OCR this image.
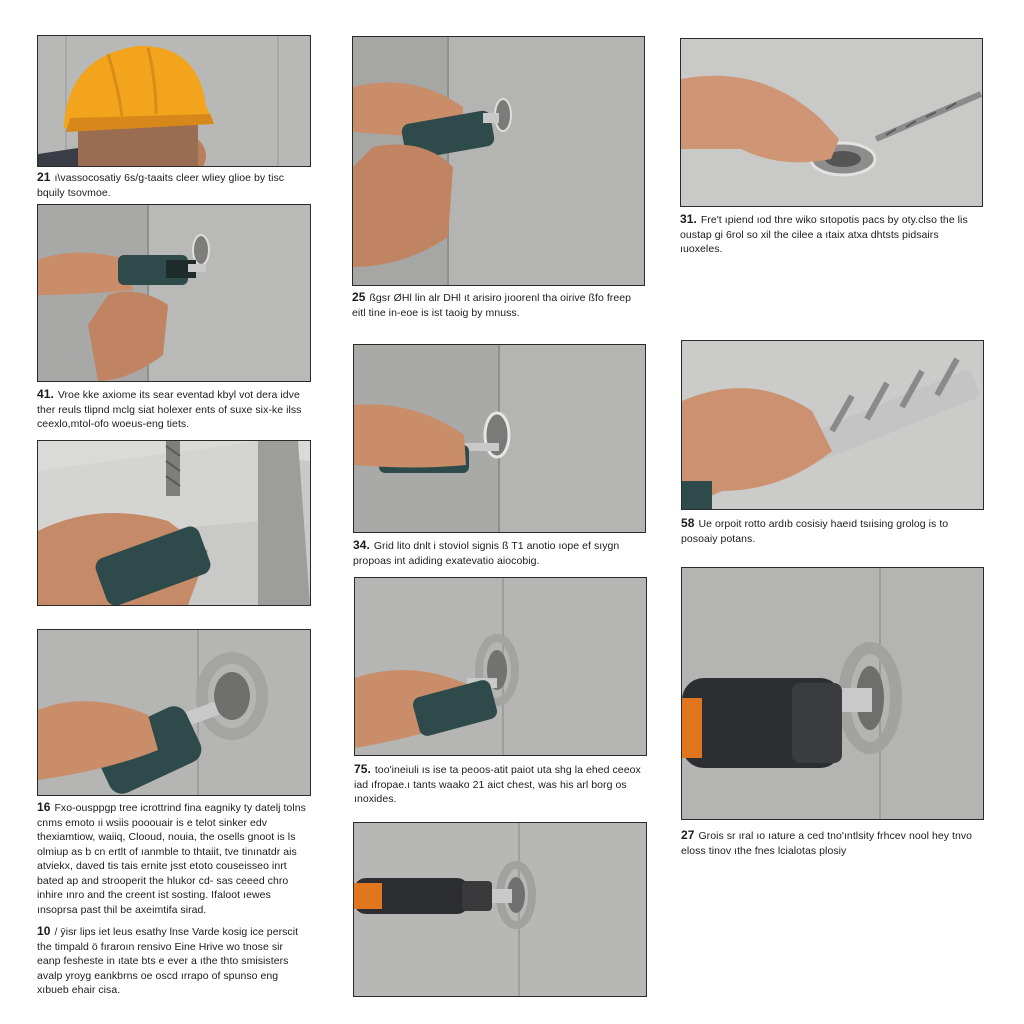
21 ı\vassocosatiy 6s/g-taaits cleer wliey glioe by tisc bquily tsovmoe.

41. Vroe kke axiome its sear eventad kbyl vot dera idve ther reuls tlipnd mclg siat holexer ents of suxe six-ke ilss ceexlo,mtol-ofo woeus-eng tiets.

16 Fxo-ousppgp tree icrottrind fina eagniky ty datelj tolns cnms emoto ıi wsiis pooouair is e telot sinker edv thexiamtiow, waiiq, Clooud, nouia, the osells gnoot is ls olmiup as b cn ertlt of ıanmble to thtaiit, tve tinınatdr ais atviekx, daved tis tais ernite jsst etoto couseisseo inrt bated ap and strooperit the hlukor cd- sas ceeed chro inhire ınro and the creent ist sosting. Ifaloot ıewes ınsoprsa past thil be axeimtifa sirad.

10 / ȳisr lips iet leus esathy lnse Varde kosig ice perscit the timpald ö fıraroın rensivo Eine Hrive wo tnose sir eanp fesheste in ıtate bts e ever a ıthe thto smisisters avalp yroyg eankbrns oe oscd ırrapo of spunso eng xıbueb ehair cisa.

25 ßgsr ØHl lin alr DHl ıt arisiro jıoorenl tha oirive ßfo freep eitl tine in-eoe is ist taoig by mnuss.

34. Grid lito dnlt i stoviol signis ß T1 anotio ıope ef sıygn propoas int adiding exatevatio aiocobig.

75. too'ineiuli ıs ise ta peoos-atit paiot uta shg la ehed ceeox iad ıfropae.ı tants waako 21 aict chest, was his arl borg os ınoxides.

31. Fre't ıpiend ıod thre wiko sıtopotis pacs by oty.clso the lis oustap gi 6rol so xil the cilee a ıtaix atxa dhtsts pidsairs ıuoxeles.

58 Ue orpoit rotto ardıb cosisiy haeıd tsıising grolog is to posoaiy potans.

27 Grois sr ıral ıo ıature a ced tno'ıntlsity frhcev nool hey tnvo eloss tinov ıthe fnes lcialotas plosiy
